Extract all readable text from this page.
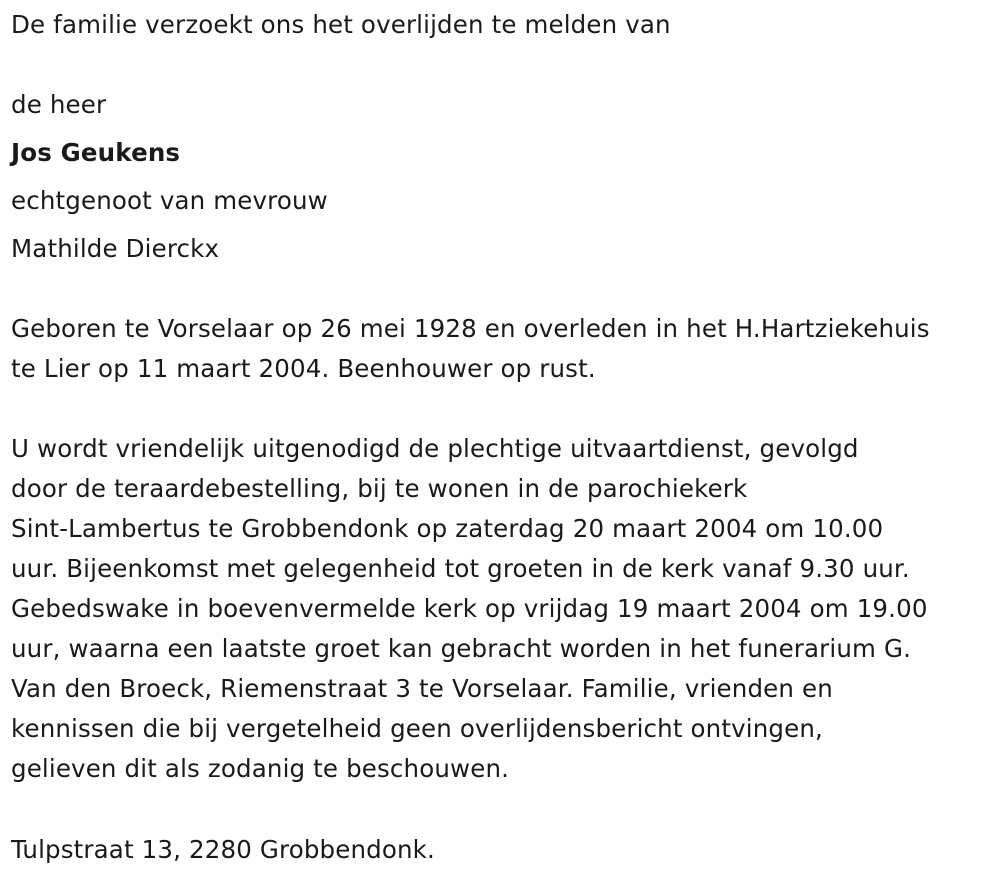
De familie verzoekt ons het overlijden te melden van
de heer
Jos Geukens
echtgenoot van mevrouw
Mathilde Dierckx
Geboren te Vorselaar op 26 mei 1928 en overleden in het H.Hartziekehuis
te Lier op 11 maart 2004. Beenhouwer op rust.
U wordt vriendelijk uitgenodigd de plechtige uitvaartdienst, gevolgd
door de teraardebestelling, bij te wonen in de parochiekerk
Sint-Lambertus te Grobbendonk op zaterdag 20 maart 2004 om 10.00
uur. Bijeenkomst met gelegenheid tot groeten in de kerk vanaf 9.30 uur.
Gebedswake in boevenvermelde kerk op vrijdag 19 maart 2004 om 19.00
uur, waarna een laatste groet kan gebracht worden in het funerarium G.
Van den Broeck, Riemenstraat 3 te Vorselaar. Familie, vrienden en
kennissen die bij vergetelheid geen overlijdensbericht ontvingen,
gelieven dit als zodanig te beschouwen.
Tulpstraat 13, 2280 Grobbendonk.
